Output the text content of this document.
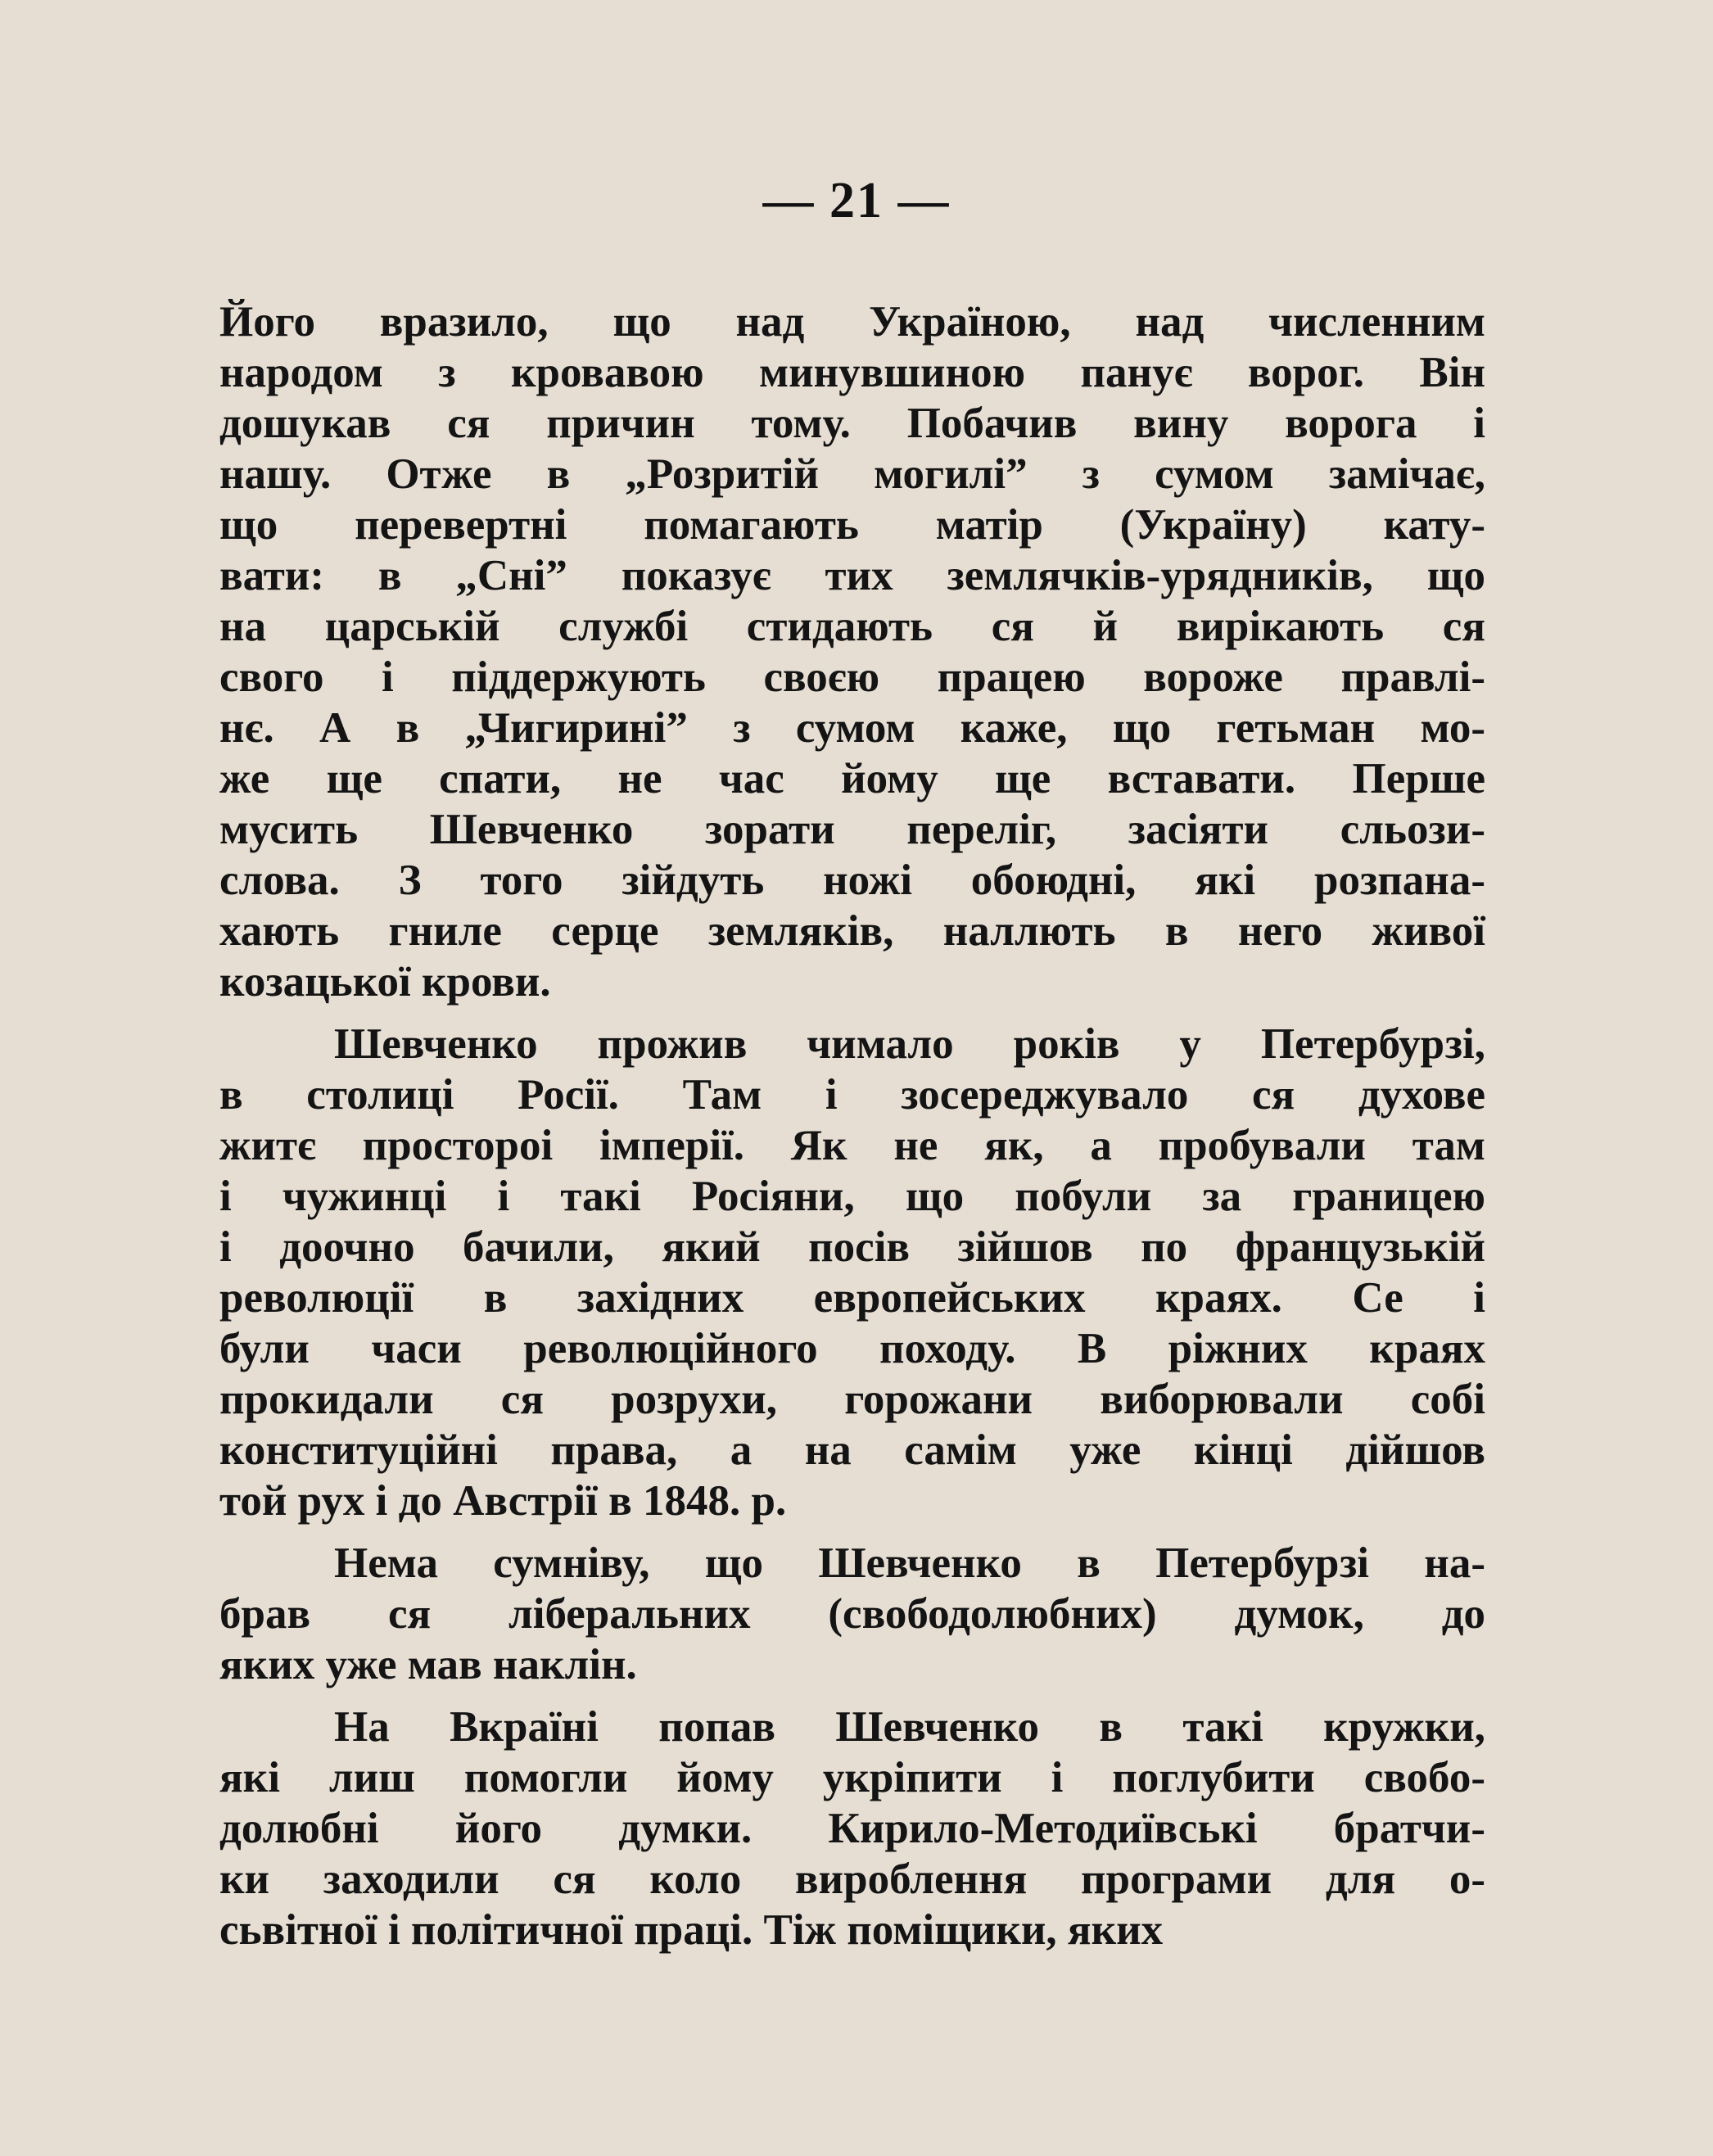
— 21 —
Його вразило, що над Україною, над численним
народом з кровавою минувшиною панує ворог. Він
дошукав ся причин тому. Побачив вину ворога і
нашу. Отже в „Розритій могилі” з сумом замічає,
що перевертні помагають матір (Україну) кату-
вати: в „Сні” показує тих землячків-урядників, що
на царській службі стидають ся й вирікають ся
свого і піддержують своєю працею вороже правлі-
нє. А в „Чигирині” з сумом каже, що гетьман мо-
же ще спати, не час йому ще вставати. Перше
мусить Шевченко зорати переліг, засіяти сльози-
слова. З того зійдуть ножі обоюдні, які розпана-
хають гниле серце земляків, наллють в него живої
козацької крови.
Шевченко прожив чимало років у Петербурзі,
в столиці Росії. Там і зосереджувало ся духове
житє простороі імперії. Як не як, а пробували там
і чужинці і такі Росіяни, що побули за границею
і доочно бачили, який посів зійшов по французькій
революції в західних европейських краях. Се і
були часи революційного походу. В ріжних краях
прокидали ся розрухи, горожани виборювали собі
конституційні права, а на самім уже кінці дійшов
той рух і до Австрії в 1848. р.
Нема сумніву, що Шевченко в Петербурзі на-
брав ся ліберальних (свободолюбних) думок, до
яких уже мав наклін.
На Вкраїні попав Шевченко в такі кружки,
які лиш помогли йому укріпити і поглубити свобо-
долюбні його думки. Кирило-Методиївські братчи-
ки заходили ся коло вироблення програми для о-
сьвітної і політичної праці. Тіж поміщики, яких
